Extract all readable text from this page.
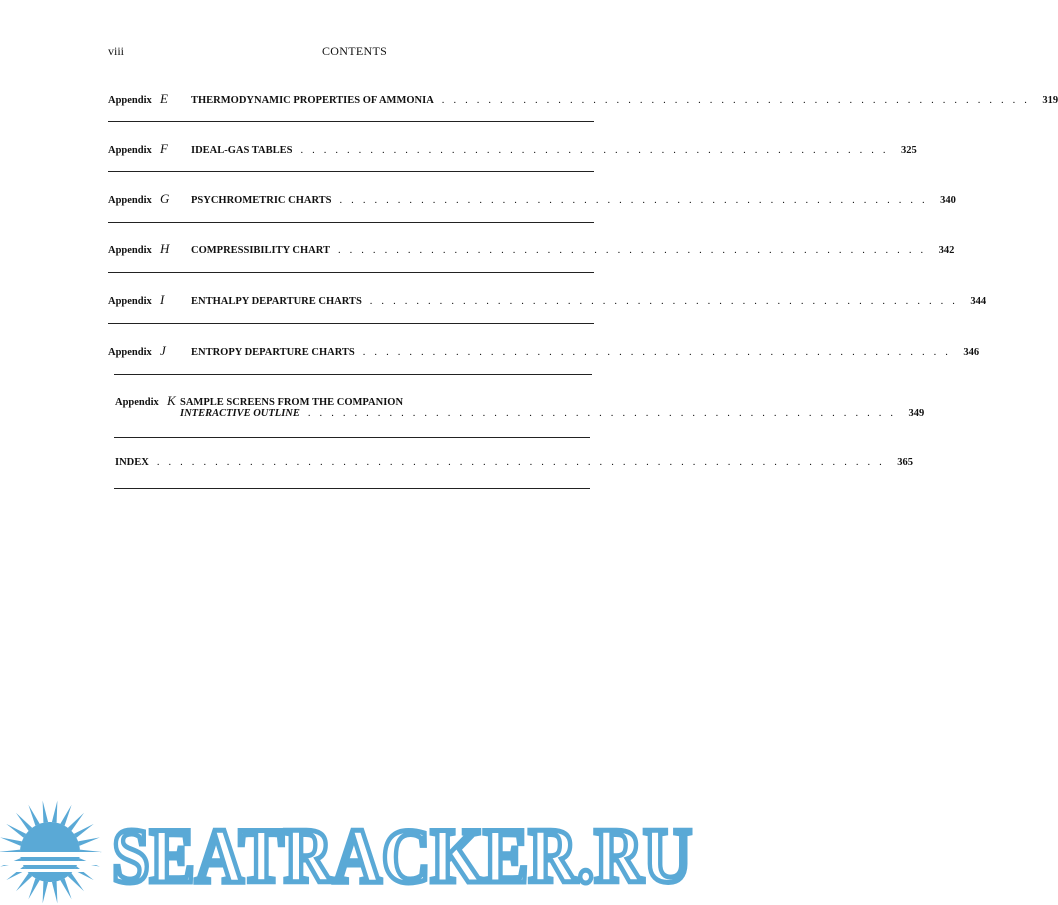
viii	CONTENTS
Appendix E	THERMODYNAMIC PROPERTIES OF AMMONIA . . . . . . . . . . . . . . . . . . . . . . . . . . . . . . . . . . . . . . . . . . . . . . . . . . .	319
Appendix F	IDEAL-GAS TABLES . . . . . . . . . . . . . . . . . . . . . . . . . . . . . . . . . . . . . . . . . . . . . . . . . . .	325
Appendix G	PSYCHROMETRIC CHARTS . . . . . . . . . . . . . . . . . . . . . . . . . . . . . . . . . . . . . . . . . . . . . . . . . . .	340
Appendix H	COMPRESSIBILITY CHART . . . . . . . . . . . . . . . . . . . . . . . . . . . . . . . . . . . . . . . . . . . . . . . . . . .	342
Appendix I	ENTHALPY DEPARTURE CHARTS . . . . . . . . . . . . . . . . . . . . . . . . . . . . . . . . . . . . . . . . . . . . . . . . . . .	344
Appendix J	ENTROPY DEPARTURE CHARTS . . . . . . . . . . . . . . . . . . . . . . . . . . . . . . . . . . . . . . . . . . . . . . . . . . .	346
Appendix K SAMPLE SCREENS FROM THE COMPANION
INTERACTIVE OUTLINE . . . . . . . . . . . . . . . . . . . . . . . . . . . . . . . . . . . . . . . . . . . . . . . . . . .	349
INDEX . . . . . . . . . . . . . . . . . . . . . . . . . . . . . . . . . . . . . . . . . . . . . . . . . . . . . . . . . . . . . . .	365
SEATRACKER.RU
